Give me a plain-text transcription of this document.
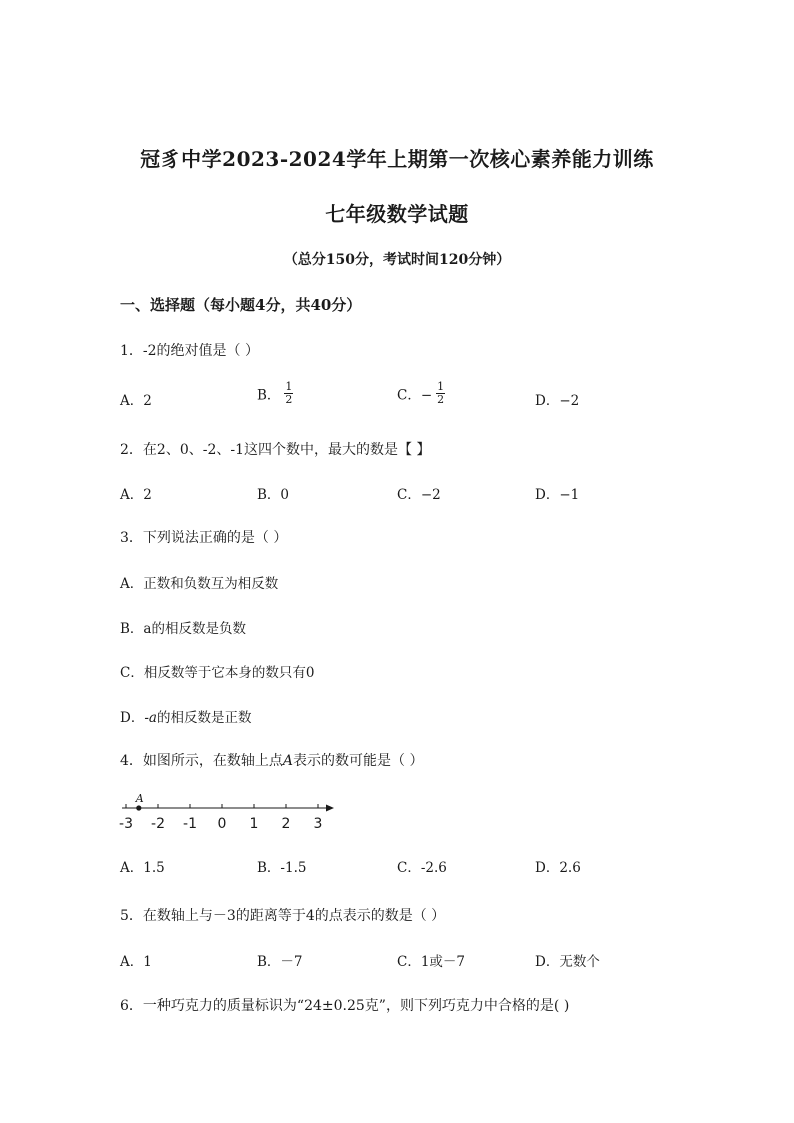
冠豸中学2023-2024学年上期第一次核心素养能力训练
七年级数学试题
（总分150分，考试时间120分钟）
一、选择题（每小题4分，共40分）
1．-2的绝对值是（ ）
A．2	B． $\frac{1}{2}$	C．− $\frac{1}{2}$	D．−2
2．在2、0、-2、-1这四个数中，最大的数是【 】
A．2	B．0	C．−2	D．−1
3．下列说法正确的是（ ）
A．正数和负数互为相反数
B．a的相反数是负数
C．相反数等于它本身的数只有0
D．-a的相反数是正数
4．如图所示，在数轴上点A表示的数可能是（ ）
-3 -2 -1 0 1 2 3
A
A．1.5	B．-1.5	C．-2.6	D．2.6
5．在数轴上与－3的距离等于4的点表示的数是（ ）
A．1	B．－7	C．1或－7	D．无数个
6．一种巧克力的质量标识为“24±0.25克”，则下列巧克力中合格的是( )
